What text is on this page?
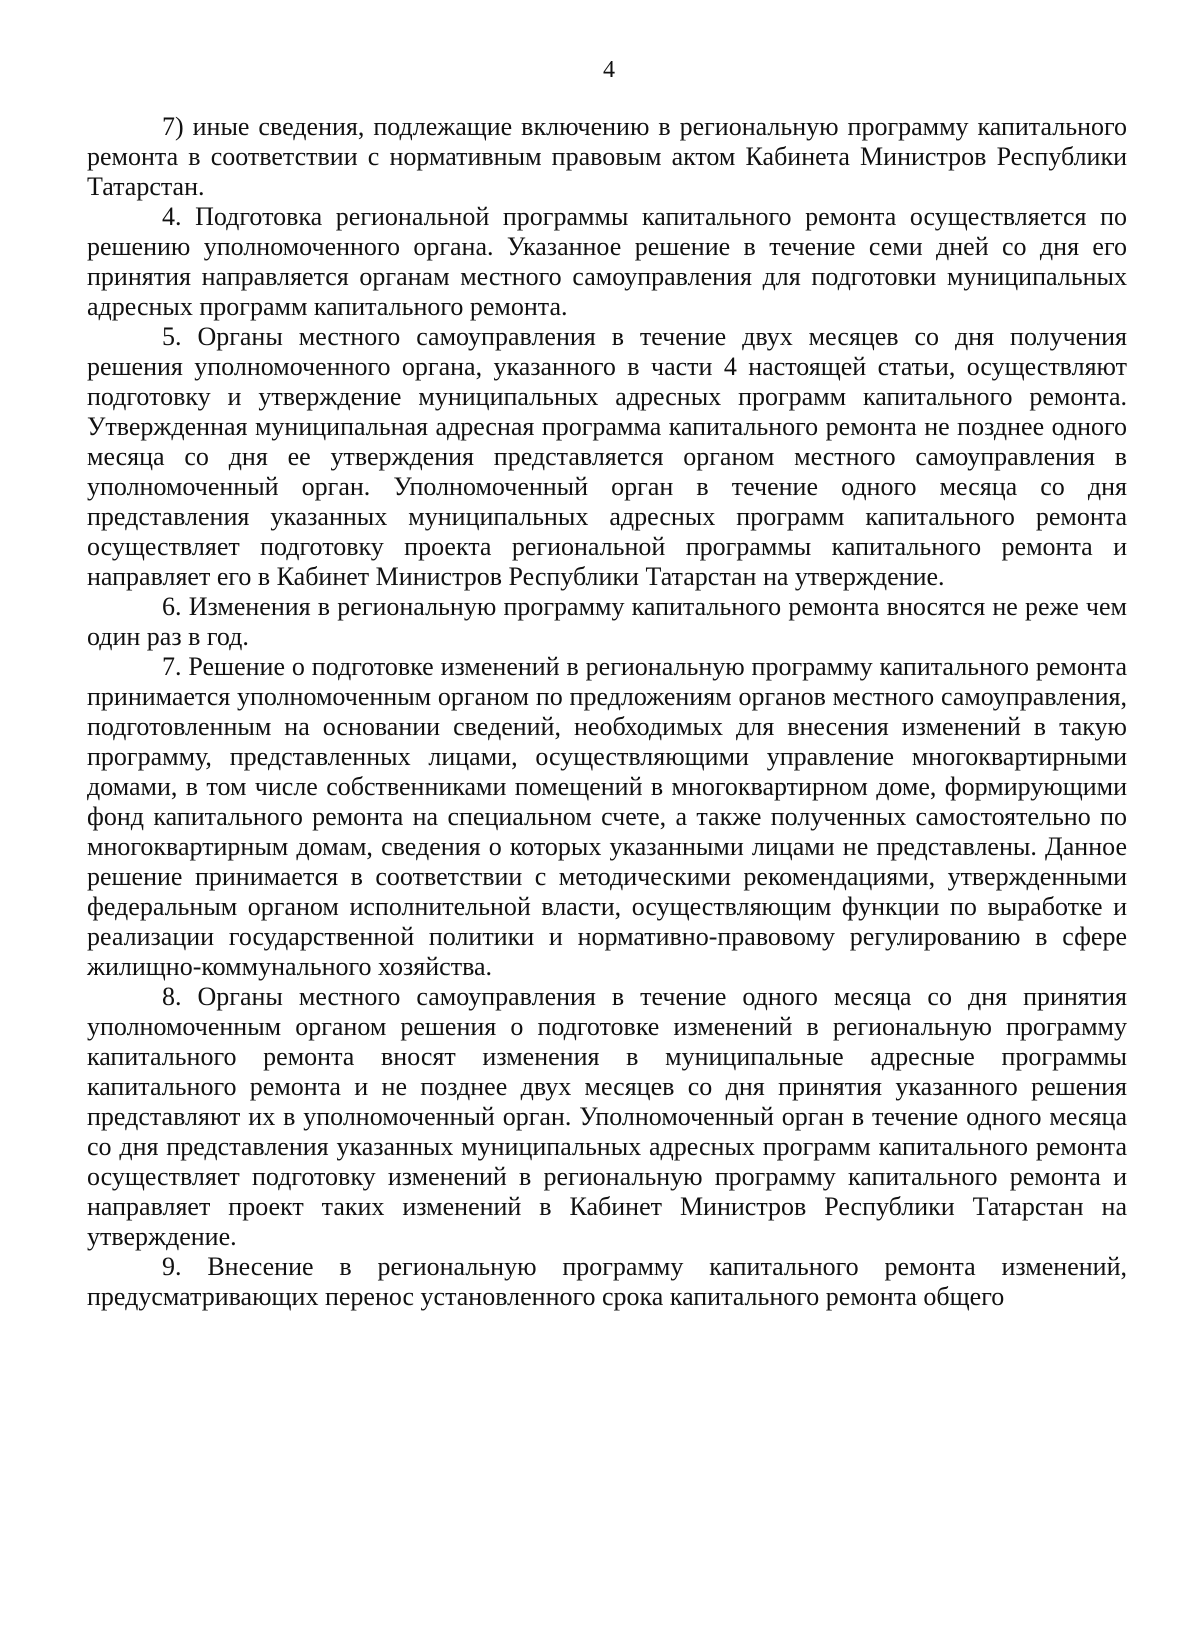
4

7) иные сведения, подлежащие включению в региональную программу капитального ремонта в соответствии с нормативным правовым актом Кабинета Министров Республики Татарстан.

4. Подготовка региональной программы капитального ремонта осуществляется по решению уполномоченного органа. Указанное решение в течение семи дней со дня его принятия направляется органам местного самоуправления для подготовки муниципальных адресных программ капитального ремонта.

5. Органы местного самоуправления в течение двух месяцев со дня получения решения уполномоченного органа, указанного в части 4 настоящей статьи, осуществляют подготовку и утверждение муниципальных адресных программ капитального ремонта. Утвержденная муниципальная адресная программа капитального ремонта не позднее одного месяца со дня ее утверждения представляется органом местного самоуправления в уполномоченный орган. Уполномоченный орган в течение одного месяца со дня представления указанных муниципальных адресных программ капитального ремонта осуществляет подготовку проекта региональной программы капитального ремонта и направляет его в Кабинет Министров Республики Татарстан на утверждение.

6. Изменения в региональную программу капитального ремонта вносятся не реже чем один раз в год.

7. Решение о подготовке изменений в региональную программу капитального ремонта принимается уполномоченным органом по предложениям органов местного самоуправления, подготовленным на основании сведений, необходимых для внесения изменений в такую программу, представленных лицами, осуществляющими управление многоквартирными домами, в том числе собственниками помещений в многоквартирном доме, формирующими фонд капитального ремонта на специальном счете, а также полученных самостоятельно по многоквартирным домам, сведения о которых указанными лицами не представлены. Данное решение принимается в соответствии с методическими рекомендациями, утвержденными федеральным органом исполнительной власти, осуществляющим функции по выработке и реализации государственной политики и нормативно-правовому регулированию в сфере жилищно-коммунального хозяйства.

8. Органы местного самоуправления в течение одного месяца со дня принятия уполномоченным органом решения о подготовке изменений в региональную программу капитального ремонта вносят изменения в муниципальные адресные программы капитального ремонта и не позднее двух месяцев со дня принятия указанного решения представляют их в уполномоченный орган. Уполномоченный орган в течение одного месяца со дня представления указанных муниципальных адресных программ капитального ремонта осуществляет подготовку изменений в региональную программу капитального ремонта и направляет проект таких изменений в Кабинет Министров Республики Татарстан на утверждение.

9. Внесение в региональную программу капитального ремонта изменений, предусматривающих перенос установленного срока капитального ремонта общего
